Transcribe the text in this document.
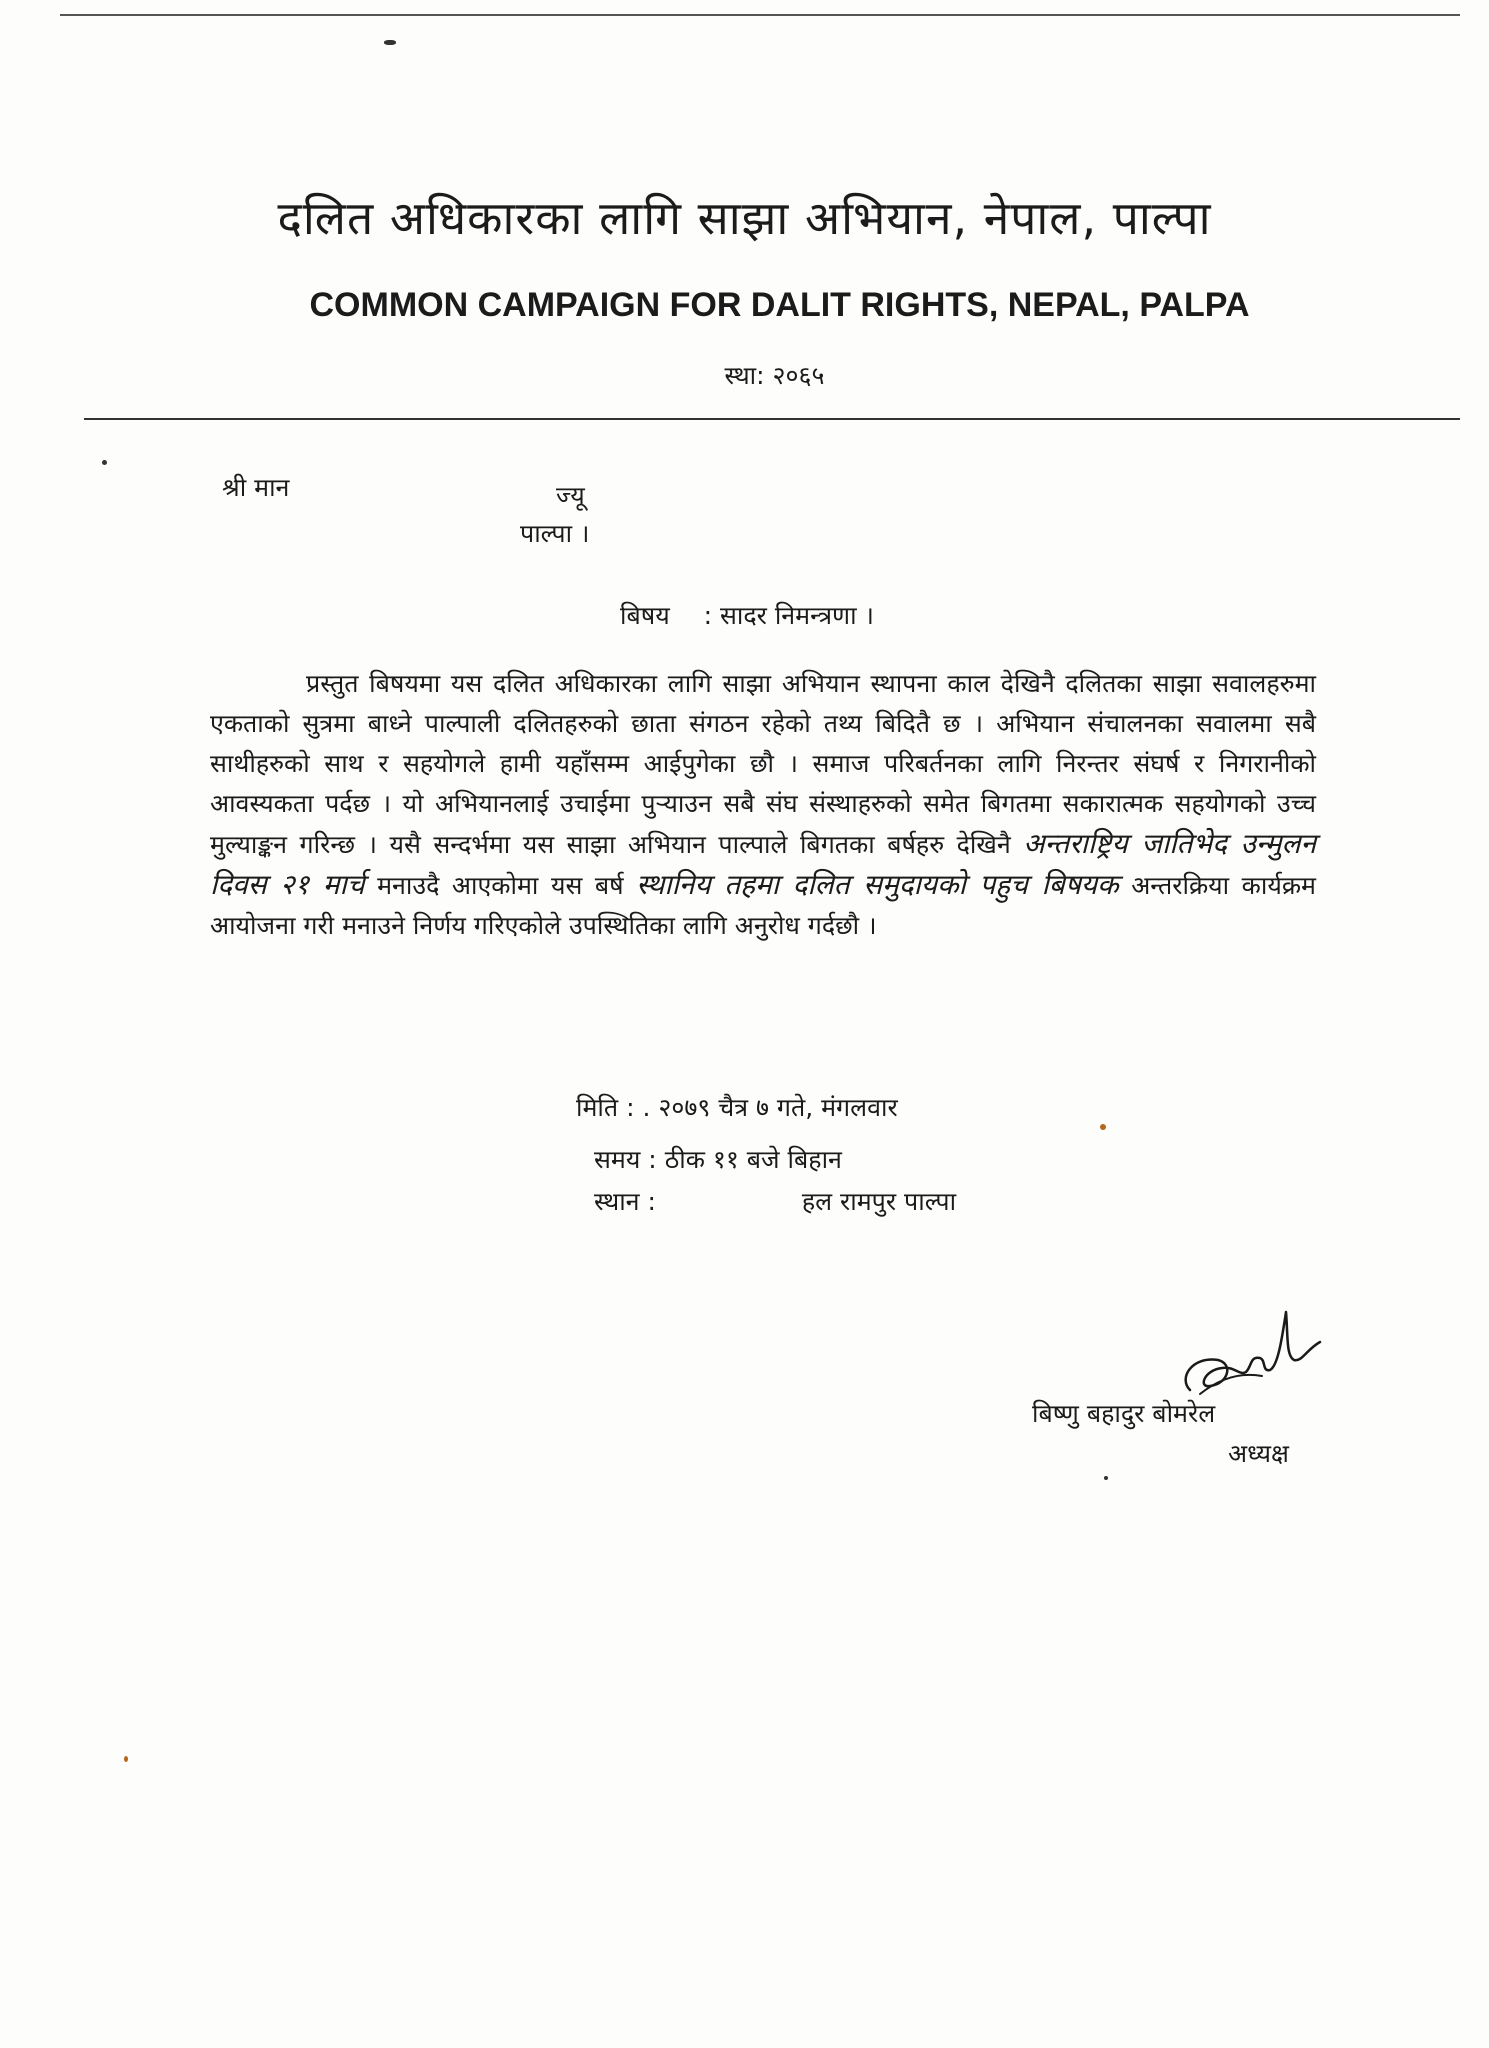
दलित अधिकारका लागि साझा अभियान, नेपाल, पाल्पा
COMMON CAMPAIGN FOR DALIT RIGHTS, NEPAL, PALPA
स्था: २०६५
श्री मान	ज्यू
पाल्पा ।
बिषय : सादर निमन्त्रणा ।
प्रस्तुत बिषयमा यस दलित अधिकारका लागि साझा अभियान स्थापना काल देखिनै दलितका साझा सवालहरुमा एकताको सुत्रमा बाध्ने पाल्पाली दलितहरुको छाता संगठन रहेको तथ्य बिदितै छ । अभियान संचालनका सवालमा सबै साथीहरुको साथ र सहयोगले हामी यहाँसम्म आईपुगेका छौ । समाज परिबर्तनका लागि निरन्तर संघर्ष र निगरानीको आवस्यकता पर्दछ । यो अभियानलाई उचाईमा पुऱ्याउन सबै संघ संस्थाहरुको समेत बिगतमा सकारात्मक सहयोगको उच्च मुल्याङ्कन गरिन्छ । यसै सन्दर्भमा यस साझा अभियान पाल्पाले बिगतका बर्षहरु देखिनै अन्तराष्ट्रिय जातिभेद उन्मुलन दिवस २१ मार्च मनाउदै आएकोमा यस बर्ष स्थानिय तहमा दलित समुदायको पहुच बिषयक अन्तरक्रिया कार्यक्रम आयोजना गरी मनाउने निर्णय गरिएकोले उपस्थितिका लागि अनुरोध गर्दछौ ।
मिति : . २०७९ चैत्र ७ गते, मंगलवार
समय : ठीक ११ बजे बिहान
स्थान :	हल रामपुर पाल्पा
बिष्णु बहादुर बोमरेल
अध्यक्ष
